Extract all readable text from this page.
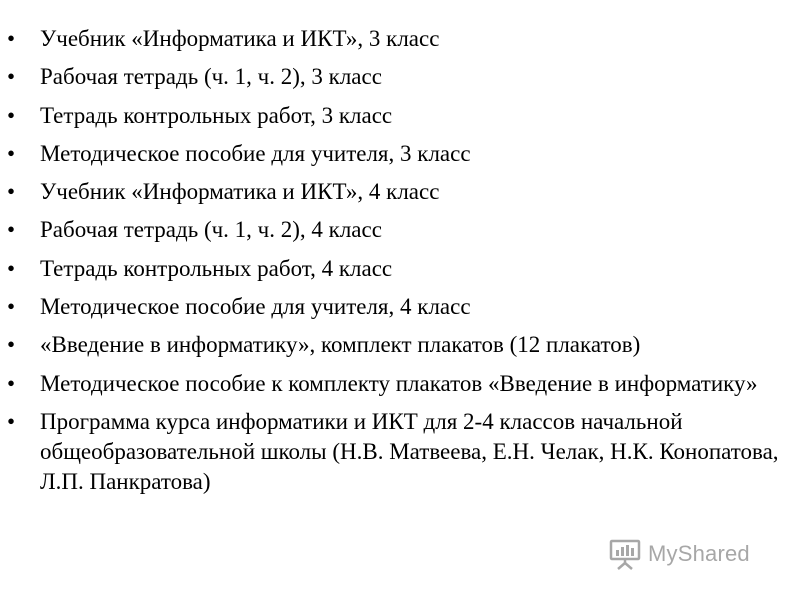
• Учебник «Информатика и ИКТ», 3 класс
• Рабочая тетрадь (ч. 1, ч. 2), 3 класс
• Тетрадь контрольных работ, 3 класс
• Методическое пособие для учителя, 3 класс
• Учебник «Информатика и ИКТ», 4 класс
• Рабочая тетрадь (ч. 1, ч. 2), 4 класс
• Тетрадь контрольных работ, 4 класс
• Методическое пособие для учителя, 4 класс
• «Введение в информатику», комплект плакатов (12 плакатов)
• Методическое пособие к комплекту плакатов «Введение в информатику»
• Программа курса информатики и ИКТ для 2-4 классов начальной общеобразовательной школы (Н.В. Матвеева, Е.Н. Челак, Н.К. Конопатова, Л.П. Панкратова)
MyShared
